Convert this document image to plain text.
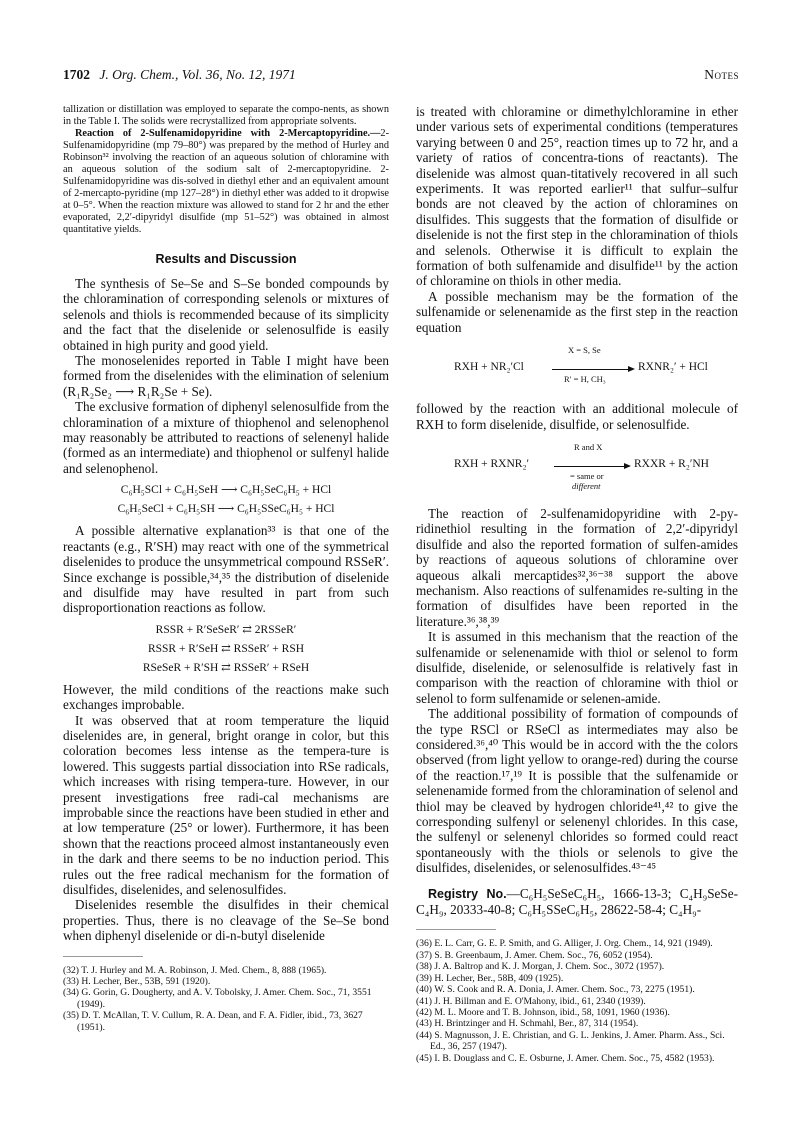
1702 J. Org. Chem., Vol. 36, No. 12, 1971	Notes

tallization or distillation was employed to separate the compo-nents, as shown in the Table I. The solids were recrystallized from appropriate solvents.

Reaction of 2-Sulfenamidopyridine with 2-Mercaptopyridine.—2-Sulfenamidopyridine (mp 79–80°) was prepared by the method of Hurley and Robinson³² involving the reaction of an aqueous solution of chloramine with an aqueous solution of the sodium salt of 2-mercaptopyridine. 2-Sulfenamidopyridine was dis-solved in diethyl ether and an equivalent amount of 2-mercapto-pyridine (mp 127–28°) in diethyl ether was added to it dropwise at 0–5°. When the reaction mixture was allowed to stand for 2 hr and the ether evaporated, 2,2′-dipyridyl disulfide (mp 51–52°) was obtained in almost quantitative yields.

Results and Discussion

The synthesis of Se–Se and S–Se bonded compounds by the chloramination of corresponding selenols or mixtures of selenols and thiols is recommended because of its simplicity and the fact that the diselenide or selenosulfide is easily obtained in high purity and good yield.

The monoselenides reported in Table I might have been formed from the diselenides with the elimination of selenium (R₁R₂Se₂ ⟶ R₁R₂Se + Se).

The exclusive formation of diphenyl selenosulfide from the chloramination of a mixture of thiophenol and selenophenol may reasonably be attributed to reactions of selenenyl halide (formed as an intermediate) and thiophenol or sulfenyl halide and selenophenol.

C₆H₅SCl + C₆H₅SeH ⟶ C₆H₅SeC₆H₅ + HCl
C₆H₅SeCl + C₆H₅SH ⟶ C₆H₅SSeC₆H₅ + HCl

A possible alternative explanation³³ is that one of the reactants (e.g., R′SH) may react with one of the symmetrical diselenides to produce the unsymmetrical compound RSSeR′. Since exchange is possible,³⁴,³⁵ the distribution of diselenide and disulfide may have resulted in part from such disproportionation reactions as follow.

RSSR + R′SeSeR′ ⇄ 2RSSeR′
RSSR + R′SeH ⇄ RSSeR′ + RSH
RSeSeR + R′SH ⇄ RSSeR′ + RSeH

However, the mild conditions of the reactions make such exchanges improbable.

It was observed that at room temperature the liquid diselenides are, in general, bright orange in color, but this coloration becomes less intense as the tempera-ture is lowered. This suggests partial dissociation into RSe radicals, which increases with rising tempera-ture. However, in our present investigations free radi-cal mechanisms are improbable since the reactions have been studied in ether and at low temperature (25° or lower). Furthermore, it has been shown that the reactions proceed almost instantaneously even in the dark and there seems to be no induction period. This rules out the free radical mechanism for the formation of disulfides, diselenides, and selenosulfides.

Diselenides resemble the disulfides in their chemical properties. Thus, there is no cleavage of the Se–Se bond when diphenyl diselenide or di-n-butyl diselenide

(32) T. J. Hurley and M. A. Robinson, J. Med. Chem., 8, 888 (1965).
(33) H. Lecher, Ber., 53B, 591 (1920).
(34) G. Gorin, G. Dougherty, and A. V. Tobolsky, J. Amer. Chem. Soc., 71, 3551 (1949).
(35) D. T. McAllan, T. V. Cullum, R. A. Dean, and F. A. Fidler, ibid., 73, 3627 (1951).

is treated with chloramine or dimethylchloramine in ether under various sets of experimental conditions (temperatures varying between 0 and 25°, reaction times up to 72 hr, and a variety of ratios of concentra-tions of reactants). The diselenide was almost quan-titatively recovered in all such experiments. It was reported earlier¹¹ that sulfur–sulfur bonds are not cleaved by the action of chloramines on disulfides. This suggests that the formation of disulfide or diselenide is not the first step in the chloramination of thiols and selenols. Otherwise it is difficult to explain the formation of both sulfenamide and disulfide¹¹ by the action of chloramine on thiols in other media.

A possible mechanism may be the formation of the sulfenamide or selenenamide as the first step in the reaction equation

RXH + NR₂′Cl
X = S, Se
R′ = H, CH₃
RXNR₂′ + HCl

followed by the reaction with an additional molecule of RXH to form diselenide, disulfide, or selenosulfide.

RXH + RXNR₂′
R and X
= same or
different
RXXR + R₂′NH

The reaction of 2-sulfenamidopyridine with 2-py-ridinethiol resulting in the formation of 2,2′-dipyridyl disulfide and also the reported formation of sulfen-amides by reactions of aqueous solutions of chloramine over aqueous alkali mercaptides³²,³⁶⁻³⁸ support the above mechanism. Also reactions of sulfenamides re-sulting in the formation of disulfides have been reported in the literature.³⁶,³⁸,³⁹

It is assumed in this mechanism that the reaction of the sulfenamide or selenenamide with thiol or selenol to form disulfide, diselenide, or selenosulfide is relatively fast in comparison with the reaction of chloramine with thiol or selenol to form sulfenamide or selenen-amide.

The additional possibility of formation of compounds of the type RSCl or RSeCl as intermediates may also be considered.³⁶,⁴⁰ This would be in accord with the the colors observed (from light yellow to orange-red) during the course of the reaction.¹⁷,¹⁹ It is possible that the sulfenamide or selenenamide formed from the chloramination of selenol and thiol may be cleaved by hydrogen chloride⁴¹,⁴² to give the corresponding sulfenyl or selenenyl chlorides. In this case, the sulfenyl or selenenyl chlorides so formed could react spontaneously with the thiols or selenols to give the disulfides, diselenides, or selenosulfides.⁴³⁻⁴⁵

Registry No.—C₆H₅SeSeC₆H₅, 1666-13-3; C₄H₉SeSe-C₄H₉, 20333-40-8; C₆H₅SSeC₆H₅, 28622-58-4; C₄H₉-

(36) E. L. Carr, G. E. P. Smith, and G. Alliger, J. Org. Chem., 14, 921 (1949).
(37) S. B. Greenbaum, J. Amer. Chem. Soc., 76, 6052 (1954).
(38) J. A. Baltrop and K. J. Morgan, J. Chem. Soc., 3072 (1957).
(39) H. Lecher, Ber., 58B, 409 (1925).
(40) W. S. Cook and R. A. Donia, J. Amer. Chem. Soc., 73, 2275 (1951).
(41) J. H. Billman and E. O'Mahony, ibid., 61, 2340 (1939).
(42) M. L. Moore and T. B. Johnson, ibid., 58, 1091, 1960 (1936).
(43) H. Brintzinger and H. Schmahl, Ber., 87, 314 (1954).
(44) S. Magnusson, J. E. Christian, and G. L. Jenkins, J. Amer. Pharm. Ass., Sci. Ed., 36, 257 (1947).
(45) I. B. Douglass and C. E. Osburne, J. Amer. Chem. Soc., 75, 4582 (1953).
